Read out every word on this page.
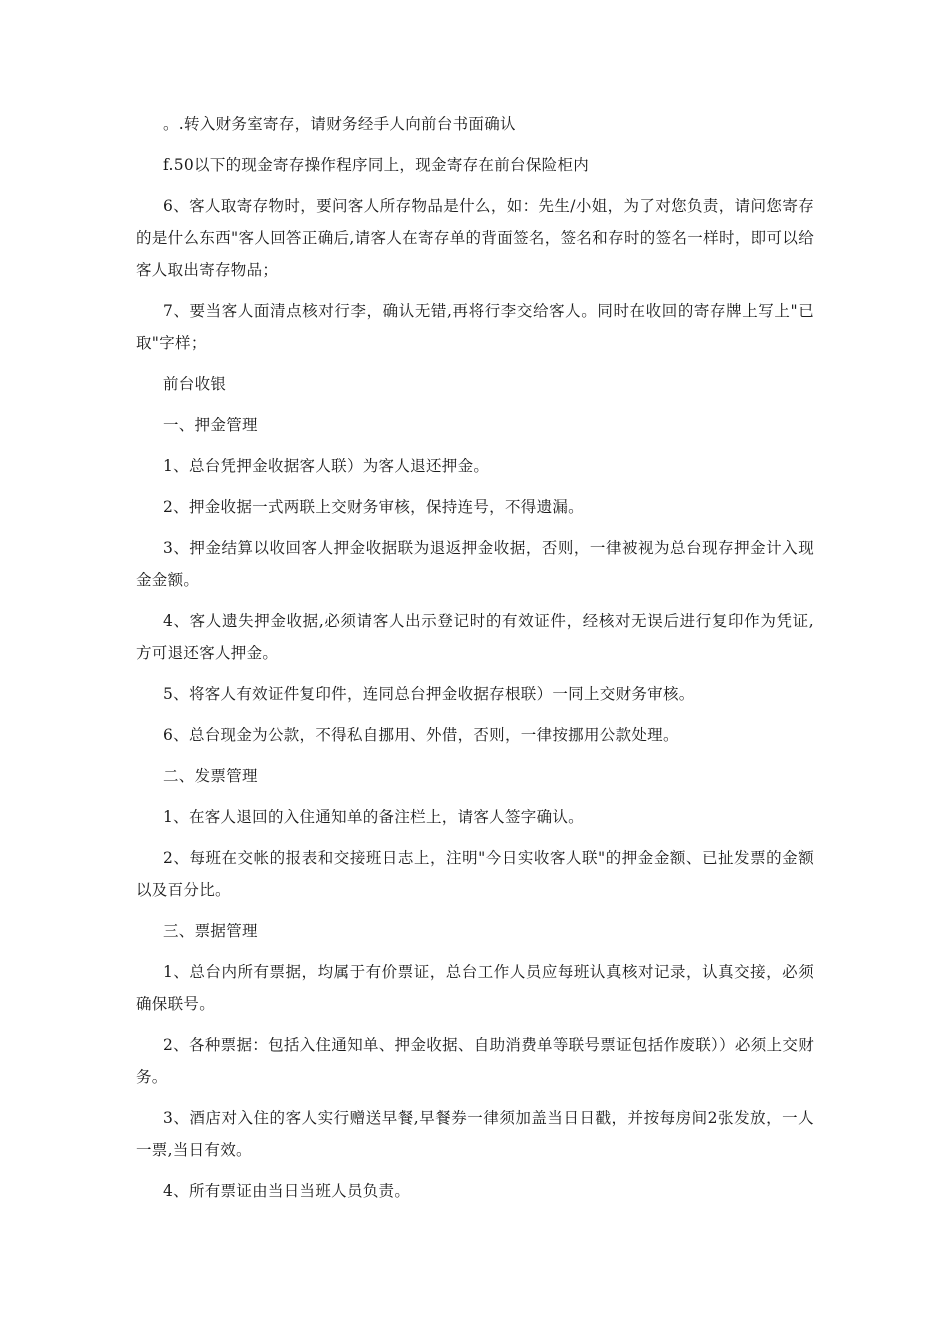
。.转入财务室寄存，请财务经手人向前台书面确认

f.50以下的现金寄存操作程序同上，现金寄存在前台保险柜内

6、客人取寄存物时，要问客人所存物品是什么，如：先生/小姐，为了对您负责，请问您寄存的是什么东西"客人回答正确后,请客人在寄存单的背面签名，签名和存时的签名一样时，即可以给客人取出寄存物品；

7、要当客人面清点核对行李，确认无错,再将行李交给客人。同时在收回的寄存牌上写上"已取"字样；

前台收银

一、押金管理

1、总台凭押金收据客人联）为客人退还押金。

2、押金收据一式两联上交财务审核，保持连号，不得遗漏。

3、押金结算以收回客人押金收据联为退返押金收据，否则，一律被视为总台现存押金计入现金金额。

4、客人遗失押金收据,必须请客人出示登记时的有效证件，经核对无误后进行复印作为凭证,方可退还客人押金。

5、将客人有效证件复印件，连同总台押金收据存根联）一同上交财务审核。

6、总台现金为公款，不得私自挪用、外借，否则，一律按挪用公款处理。

二、发票管理

1、在客人退回的入住通知单的备注栏上，请客人签字确认。

2、每班在交帐的报表和交接班日志上，注明"今日实收客人联"的押金金额、已扯发票的金额以及百分比。

三、票据管理

1、总台内所有票据，均属于有价票证，总台工作人员应每班认真核对记录，认真交接，必须确保联号。

2、各种票据：包括入住通知单、押金收据、自助消费单等联号票证包括作废联））必须上交财务。

3、酒店对入住的客人实行赠送早餐,早餐券一律须加盖当日日戳，并按每房间2张发放，一人一票,当日有效。

4、所有票证由当日当班人员负责。
